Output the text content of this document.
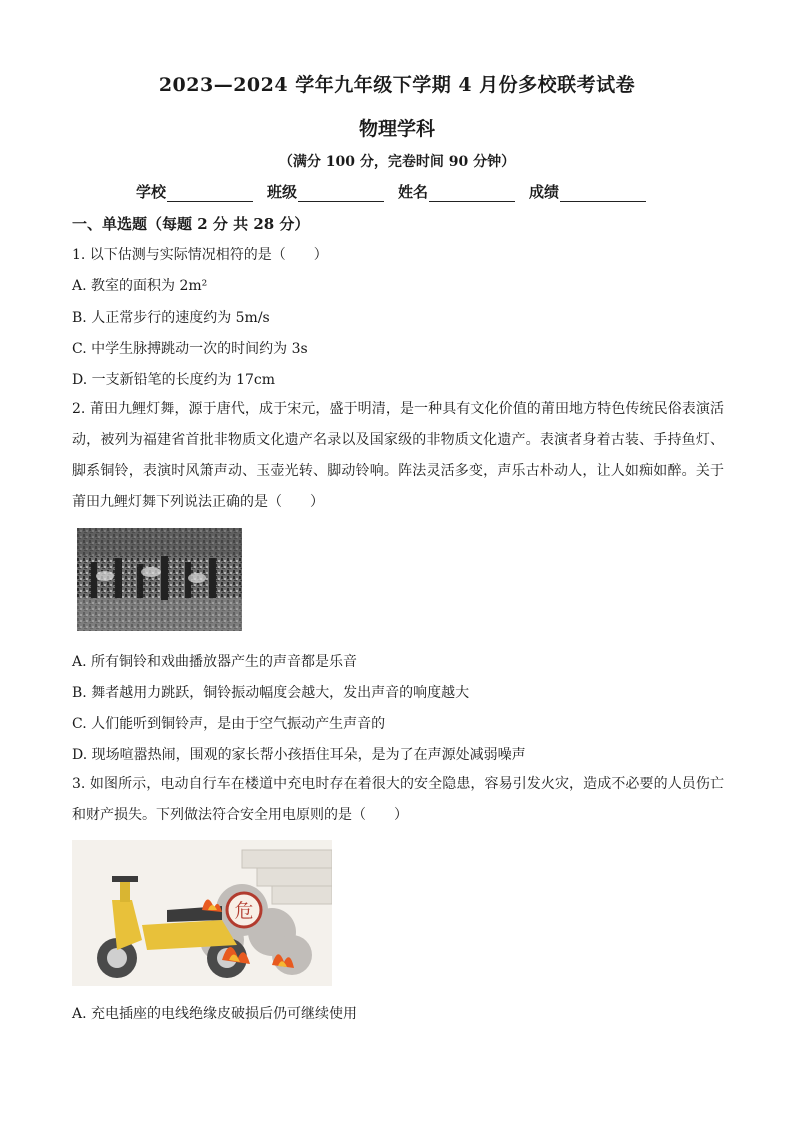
2023—2024 学年九年级下学期 4 月份多校联考试卷
物理学科
（满分 100 分，完卷时间 90 分钟）
学校	班级	姓名	成绩
一、单选题（每题 2 分 共 28 分）
1. 以下估测与实际情况相符的是（　　）
A. 教室的面积为 2m²
B. 人正常步行的速度约为 5m/s
C. 中学生脉搏跳动一次的时间约为 3s
D. 一支新铅笔的长度约为 17cm
2. 莆田九鲤灯舞，源于唐代，成于宋元，盛于明清，是一种具有文化价值的莆田地方特色传统民俗表演活动，被列为福建省首批非物质文化遗产名录以及国家级的非物质文化遗产。表演者身着古装、手持鱼灯、脚系铜铃，表演时风箫声动、玉壶光转、脚动铃响。阵法灵活多变，声乐古朴动人，让人如痴如醉。关于莆田九鲤灯舞下列说法正确的是（　　）
A. 所有铜铃和戏曲播放器产生的声音都是乐音
B. 舞者越用力跳跃，铜铃振动幅度会越大，发出声音的响度越大
C. 人们能听到铜铃声，是由于空气振动产生声音的
D. 现场喧嚣热闹，围观的家长帮小孩捂住耳朵，是为了在声源处减弱噪声
3. 如图所示，电动自行车在楼道中充电时存在着很大的安全隐患，容易引发火灾，造成不必要的人员伤亡和财产损失。下列做法符合安全用电原则的是（　　）
危
A. 充电插座的电线绝缘皮破损后仍可继续使用
